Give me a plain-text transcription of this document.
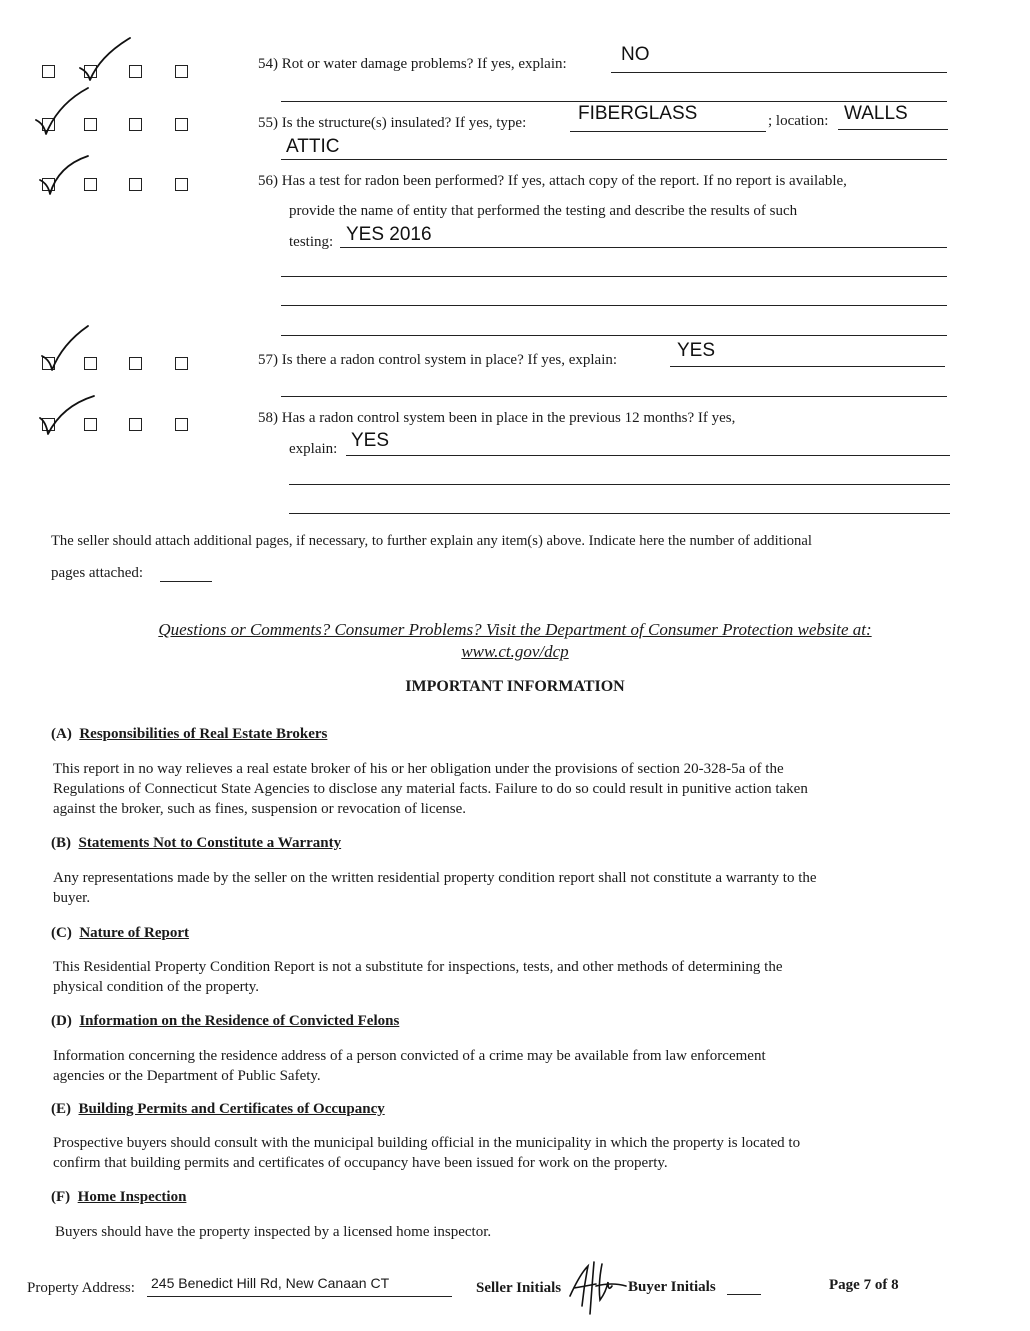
54) Rot or water damage problems? If yes, explain:	NO
55) Is the structure(s) insulated? If yes, type:	FIBERGLASS	; location: WALLS
ATTIC
56) Has a test for radon been performed? If yes, attach copy of the report. If no report is available,
provide the name of entity that performed the testing and describe the results of such
testing: YES 2016
57) Is there a radon control system in place? If yes, explain:	YES
58) Has a radon control system been in place in the previous 12 months? If yes,
explain: YES
The seller should attach additional pages, if necessary, to further explain any item(s) above. Indicate here the number of additional
pages attached:
Questions or Comments? Consumer Problems? Visit the Department of Consumer Protection website at:
www.ct.gov/dcp
IMPORTANT INFORMATION
(A) Responsibilities of Real Estate Brokers
This report in no way relieves a real estate broker of his or her obligation under the provisions of section 20-328-5a of the
Regulations of Connecticut State Agencies to disclose any material facts. Failure to do so could result in punitive action taken
against the broker, such as fines, suspension or revocation of license.
(B) Statements Not to Constitute a Warranty
Any representations made by the seller on the written residential property condition report shall not constitute a warranty to the
buyer.
(C) Nature of Report
This Residential Property Condition Report is not a substitute for inspections, tests, and other methods of determining the
physical condition of the property.
(D) Information on the Residence of Convicted Felons
Information concerning the residence address of a person convicted of a crime may be available from law enforcement
agencies or the Department of Public Safety.
(E) Building Permits and Certificates of Occupancy
Prospective buyers should consult with the municipal building official in the municipality in which the property is located to
confirm that building permits and certificates of occupancy have been issued for work on the property.
(F) Home Inspection
Buyers should have the property inspected by a licensed home inspector.
Property Address: 245 Benedict Hill Rd, New Canaan CT	Seller Initials	Buyer Initials	Page 7 of 8
